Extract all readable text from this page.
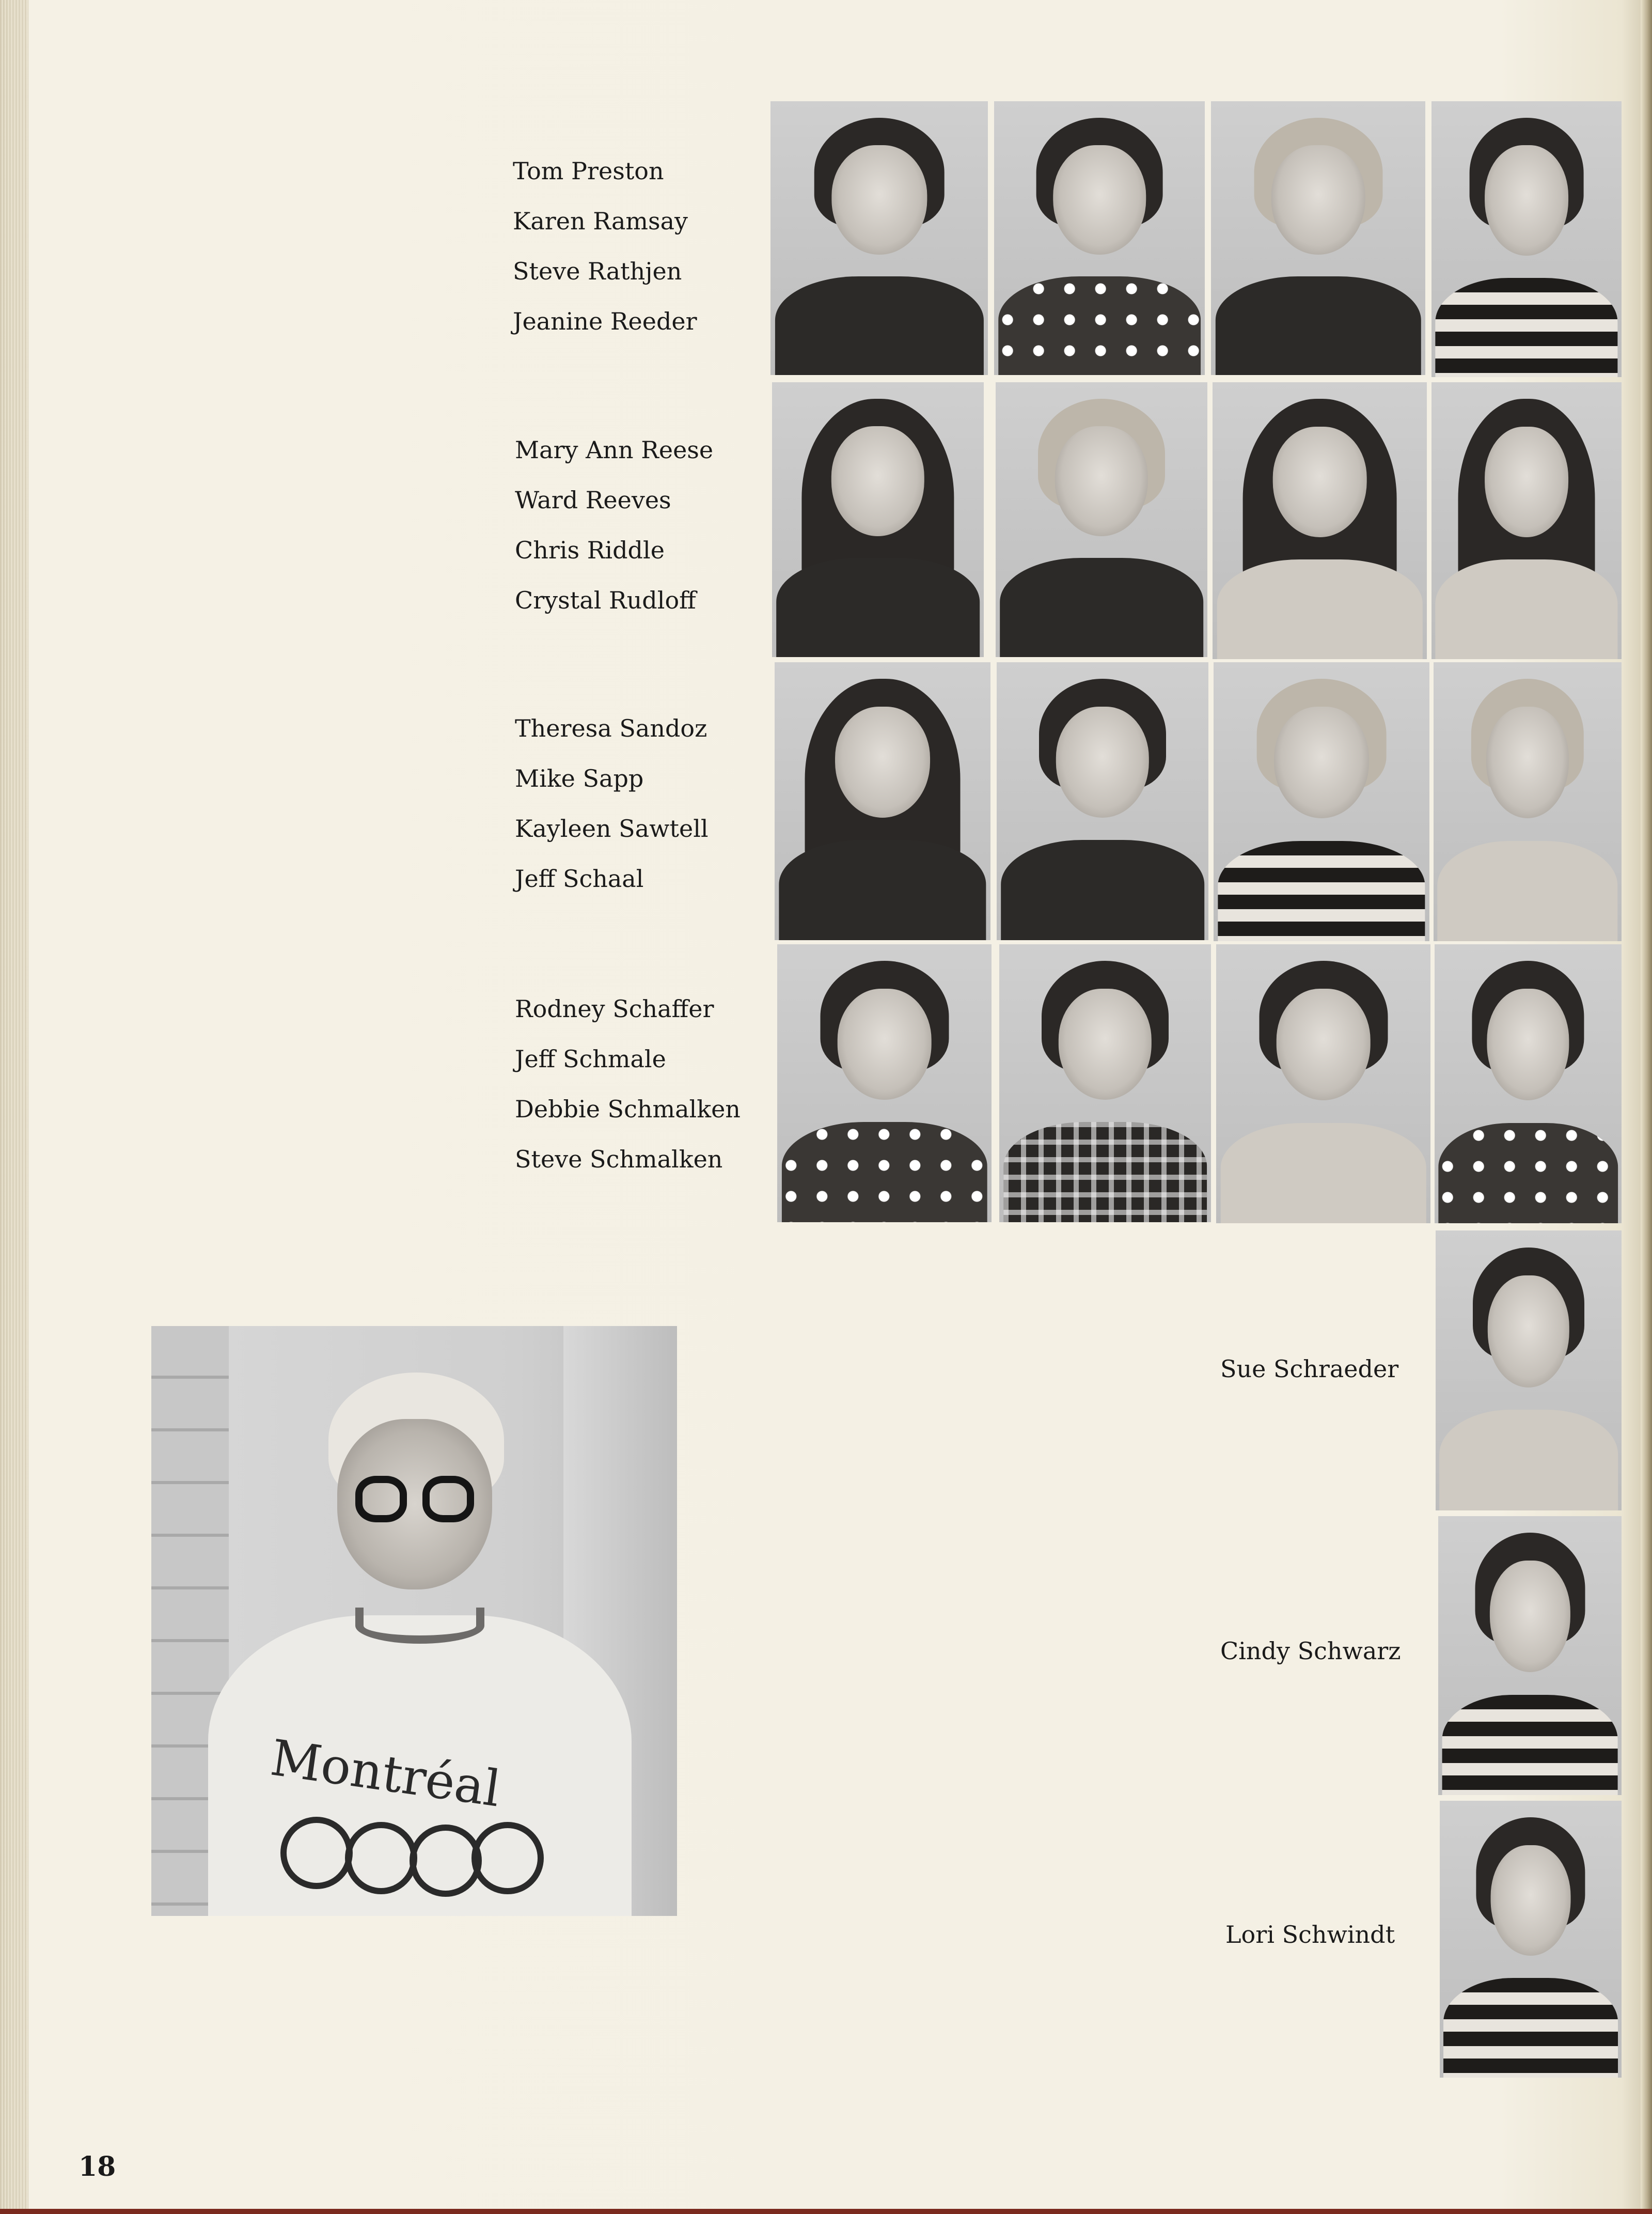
Tom Preston
Karen Ramsay
Steve Rathjen
Jeanine Reeder
Mary Ann Reese
Ward Reeves
Chris Riddle
Crystal Rudloff
Theresa Sandoz
Mike Sapp
Kayleen Sawtell
Jeff Schaal
Rodney Schaffer
Jeff Schmale
Debbie Schmalken
Steve Schmalken
Sue Schraeder
Cindy Schwarz
Lori Schwindt
Montréal
18
